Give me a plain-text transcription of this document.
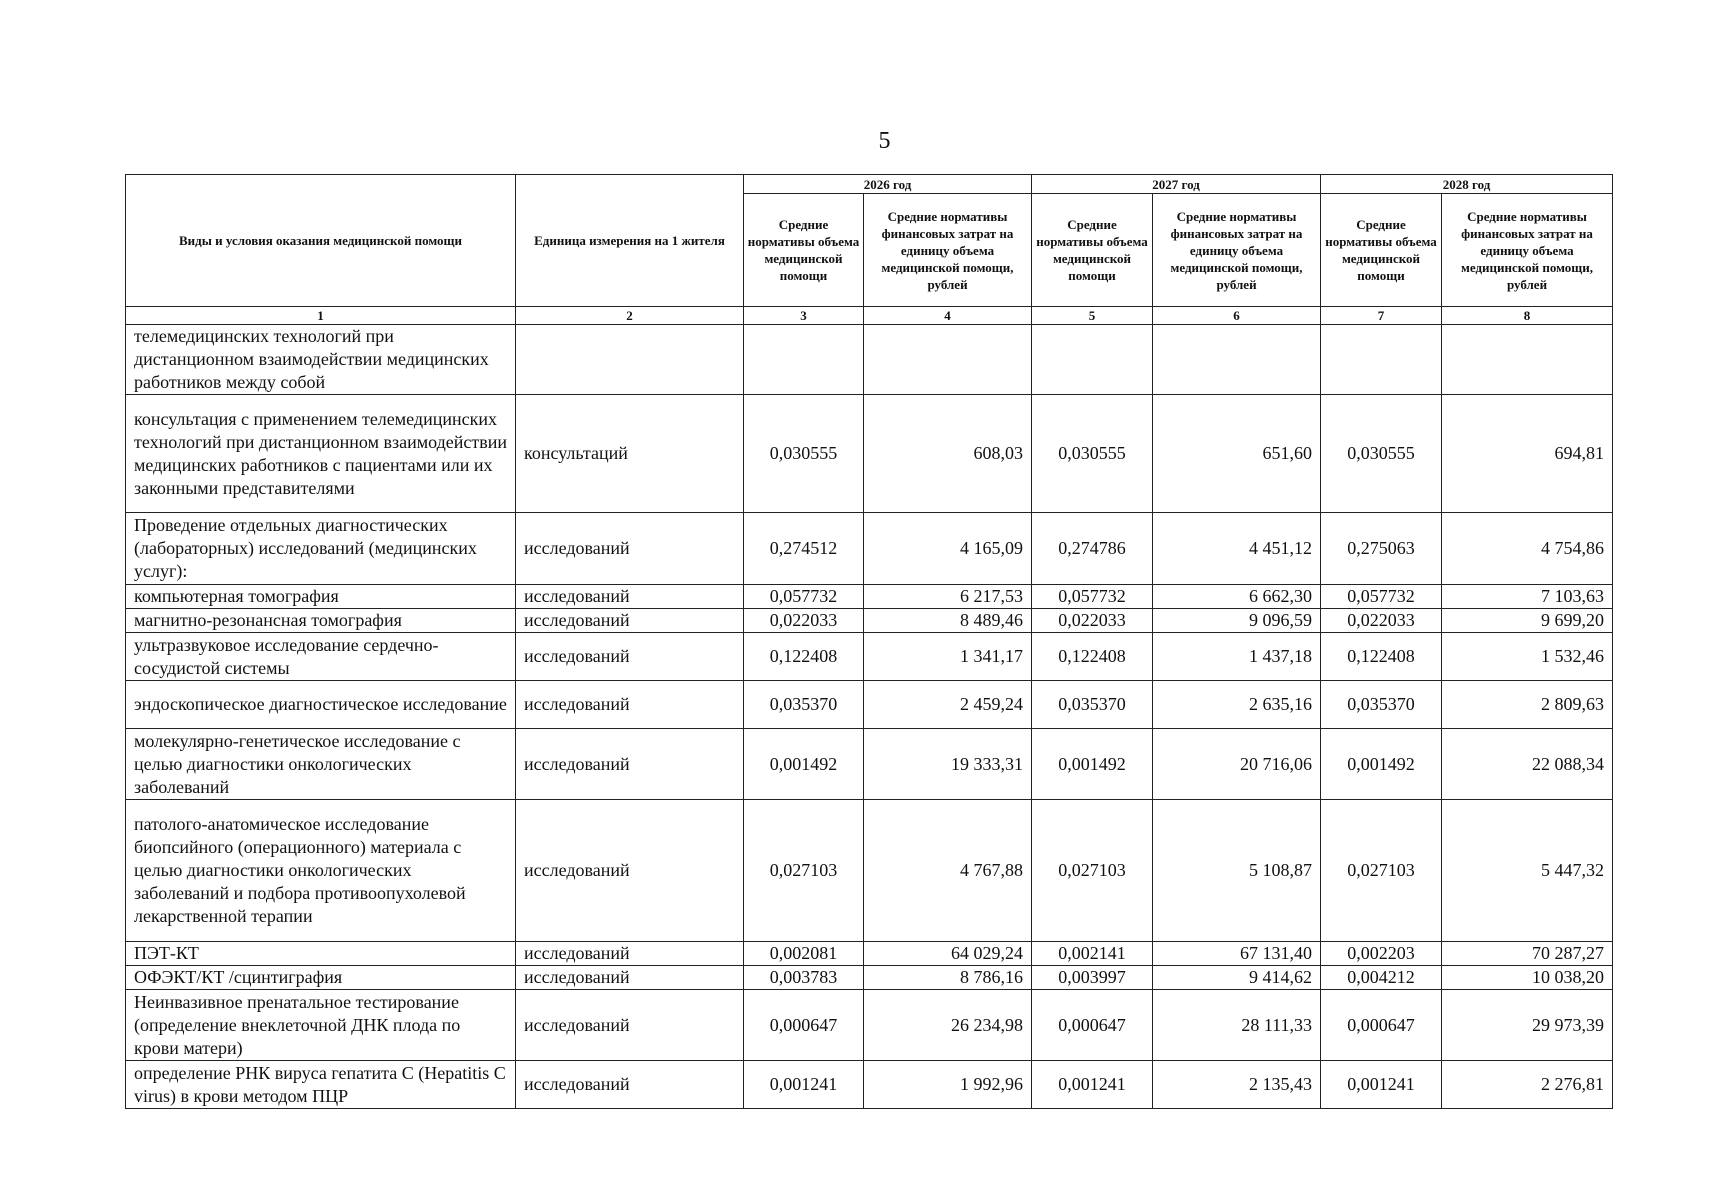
5
Виды и условия оказания медицинской помощи	Единица измерения на 1 жителя	2026 год		2027 год		2028 год	
		Средние нормативы объема медицинской помощи	Средние нормативы финансовых затрат на единицу объема медицинской помощи, рублей	Средние нормативы объема медицинской помощи	Средние нормативы финансовых затрат на единицу объема медицинской помощи, рублей	Средние нормативы объема медицинской помощи	Средние нормативы финансовых затрат на единицу объема медицинской помощи, рублей
1	2	3	4	5	6	7	8
телемедицинских технологий при дистанционном взаимодействии медицинских работников между собой							
консультация с применением телемедицинских технологий при дистанционном взаимодействии медицинских работников с пациентами или их законными представителями	консультаций	0,030555	608,03	0,030555	651,60	0,030555	694,81
Проведение отдельных диагностических (лабораторных) исследований (медицинских услуг):	исследований	0,274512	4 165,09	0,274786	4 451,12	0,275063	4 754,86
компьютерная томография	исследований	0,057732	6 217,53	0,057732	6 662,30	0,057732	7 103,63
магнитно-резонансная томография	исследований	0,022033	8 489,46	0,022033	9 096,59	0,022033	9 699,20
ультразвуковое исследование сердечно-сосудистой системы	исследований	0,122408	1 341,17	0,122408	1 437,18	0,122408	1 532,46
эндоскопическое диагностическое исследование	исследований	0,035370	2 459,24	0,035370	2 635,16	0,035370	2 809,63
молекулярно-генетическое исследование с целью диагностики онкологических заболеваний	исследований	0,001492	19 333,31	0,001492	20 716,06	0,001492	22 088,34
патолого-анатомическое исследование биопсийного (операционного) материала с целью диагностики онкологических заболеваний и подбора противоопухолевой лекарственной терапии	исследований	0,027103	4 767,88	0,027103	5 108,87	0,027103	5 447,32
ПЭТ-КТ	исследований	0,002081	64 029,24	0,002141	67 131,40	0,002203	70 287,27
ОФЭКТ/КТ /сцинтиграфия	исследований	0,003783	8 786,16	0,003997	9 414,62	0,004212	10 038,20
Неинвазивное пренатальное тестирование (определение внеклеточной ДНК плода по крови матери)	исследований	0,000647	26 234,98	0,000647	28 111,33	0,000647	29 973,39
определение РНК вируса гепатита С (Hepatitis C virus) в крови методом ПЦР	исследований	0,001241	1 992,96	0,001241	2 135,43	0,001241	2 276,81
